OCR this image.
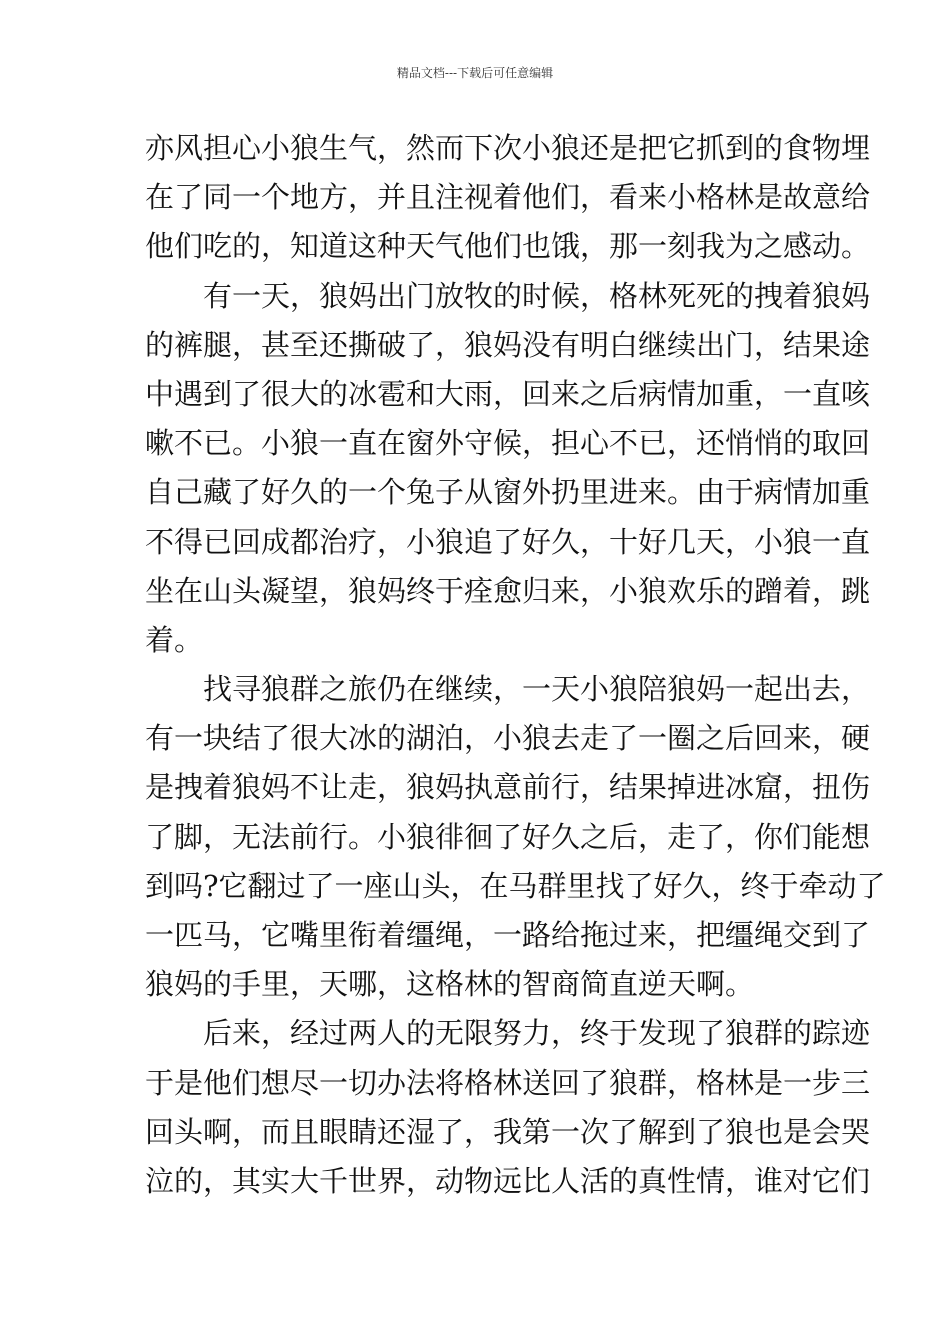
精品文档---下载后可任意编辑
亦风担心小狼生气，然而下次小狼还是把它抓到的食物埋
在了同一个地方，并且注视着他们，看来小格林是故意给
他们吃的，知道这种天气他们也饿，那一刻我为之感动。
有一天，狼妈出门放牧的时候，格林死死的拽着狼妈
的裤腿，甚至还撕破了，狼妈没有明白继续出门，结果途
中遇到了很大的冰雹和大雨，回来之后病情加重，一直咳
嗽不已。小狼一直在窗外守候，担心不已，还悄悄的取回
自己藏了好久的一个兔子从窗外扔里进来。由于病情加重
不得已回成都治疗，小狼追了好久，十好几天，小狼一直
坐在山头凝望，狼妈终于痊愈归来，小狼欢乐的蹭着，跳
着。
找寻狼群之旅仍在继续，一天小狼陪狼妈一起出去，
有一块结了很大冰的湖泊，小狼去走了一圈之后回来，硬
是拽着狼妈不让走，狼妈执意前行，结果掉进冰窟，扭伤
了脚，无法前行。小狼徘徊了好久之后，走了，你们能想
到吗?它翻过了一座山头，在马群里找了好久，终于牵动了
一匹马，它嘴里衔着缰绳，一路给拖过来，把缰绳交到了
狼妈的手里，天哪，这格林的智商简直逆天啊。
后来，经过两人的无限努力，终于发现了狼群的踪迹
于是他们想尽一切办法将格林送回了狼群，格林是一步三
回头啊，而且眼睛还湿了，我第一次了解到了狼也是会哭
泣的，其实大千世界，动物远比人活的真性情，谁对它们
